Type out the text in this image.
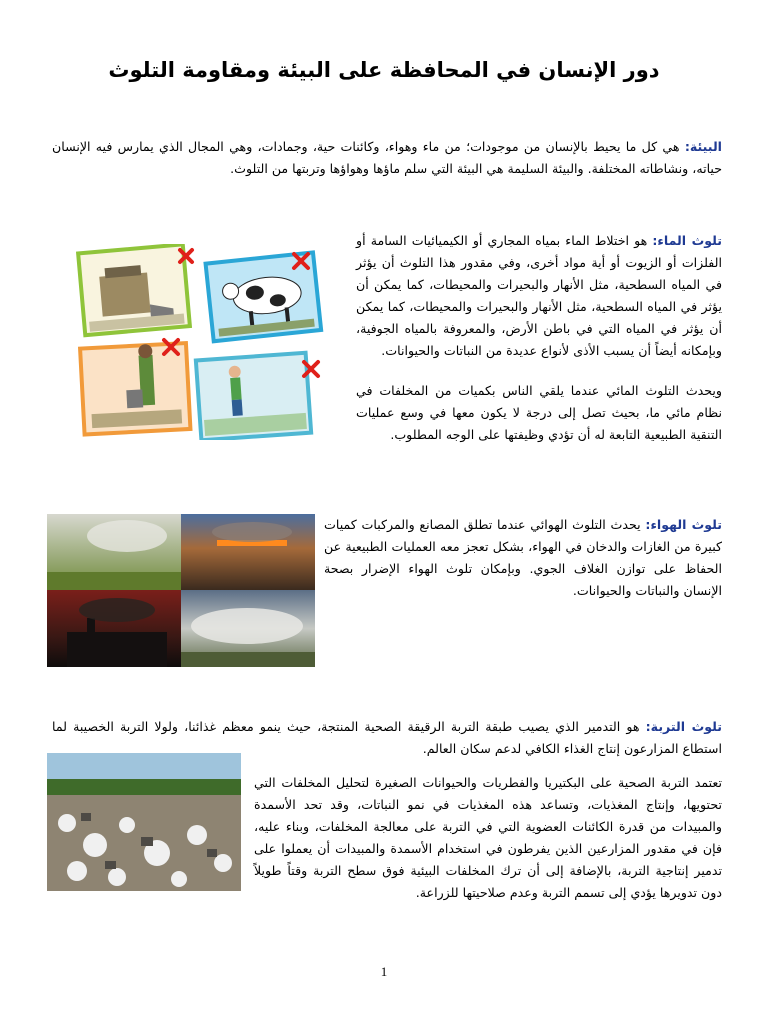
دور الإنسان في المحافظة على البيئة ومقاومة التلوث
البيئة: هي كل ما يحيط بالإنسان من موجودات؛ من ماء وهواء، وكائنات حية، وجمادات، وهي المجال الذي يمارس فيه الإنسان حياته، ونشاطاته المختلفة. والبيئة السليمة هي البيئة التي سلم ماؤها وهواؤها وتربتها من التلوث.
تلوث الماء: هو اختلاط الماء بمياه المجاري أو الكيميائيات السامة أو الفلزات أو الزيوت أو أية مواد أخرى، وفي مقدور هذا التلوث أن يؤثر في المياه السطحية، مثل الأنهار والبحيرات والمحيطات، كما يمكن أن يؤثر في المياه السطحية، مثل الأنهار والبحيرات والمحيطات، كما يمكن أن يؤثر في المياه التي في باطن الأرض، والمعروفة بالمياه الجوفية، وبإمكانه أيضاً أن يسبب الأذى لأنواع عديدة من النباتات والحيوانات.
ويحدث التلوث المائي عندما يلقي الناس بكميات من المخلفات في نظام مائي ما، بحيث تصل إلى درجة لا يكون معها في وسع عمليات التنقية الطبيعية التابعة له أن تؤدي وظيفتها على الوجه المطلوب.
تلوث الهواء: يحدث التلوث الهوائي عندما تطلق المصانع والمركبات كميات كبيرة من الغازات والدخان في الهواء، بشكل تعجز معه العمليات الطبيعية عن الحفاظ على توازن الغلاف الجوي. وبإمكان تلوث الهواء الإضرار بصحة الإنسان والنباتات والحيوانات.
تلوث التربة: هو التدمير الذي يصيب طبقة التربة الرقيقة الصحية المنتجة، حيث ينمو معظم غذائنا، ولولا التربة الخصيبة لما استطاع المزارعون إنتاج الغذاء الكافي لدعم سكان العالم.
تعتمد التربة الصحية على البكتيريا والفطريات والحيوانات الصغيرة لتحليل المخلفات التي تحتويها، وإنتاج المغذيات، وتساعد هذه المغذيات في نمو النباتات، وقد تحد الأسمدة والمبيدات من قدرة الكائنات العضوية التي في التربة على معالجة المخلفات، وبناء عليه، فإن في مقدور المزارعين الذين يفرطون في استخدام الأسمدة والمبيدات أن يعملوا على تدمير إنتاجية التربة، بالإضافة إلى أن ترك المخلفات البيئية فوق سطح التربة وقتاً طويلاً دون تدويرها يؤدي إلى تسمم التربة وعدم صلاحيتها للزراعة.
1
